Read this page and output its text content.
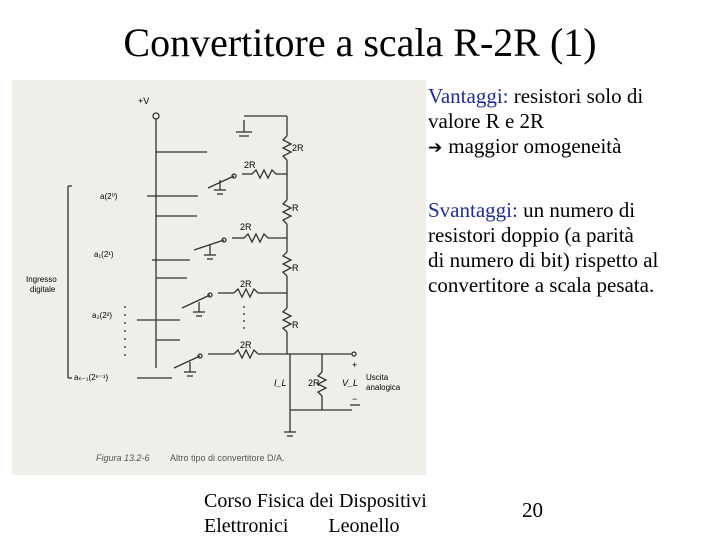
Convertitore a scala R-2R (1)
+V
2R
2R
R
2R
R
2R
R
2R
2R
a(2⁰)
a₁(2¹)
a₂(2²)
aₙ₋₁(2ⁿ⁻¹)
Ingresso
digitale
I_L	V_L
+
−
Uscita
analogica
Figura 13.2-6 Altro tipo di convertitore D/A.

Vantaggi: resistori solo di

valore R e 2R

➔ maggior omogeneità

Svantaggi: un numero di

resistori doppio (a parità

di numero di bit) rispetto al

convertitore a scala pesata.

Corso Fisica dei Dispositivi
Elettronici Leonello
20
